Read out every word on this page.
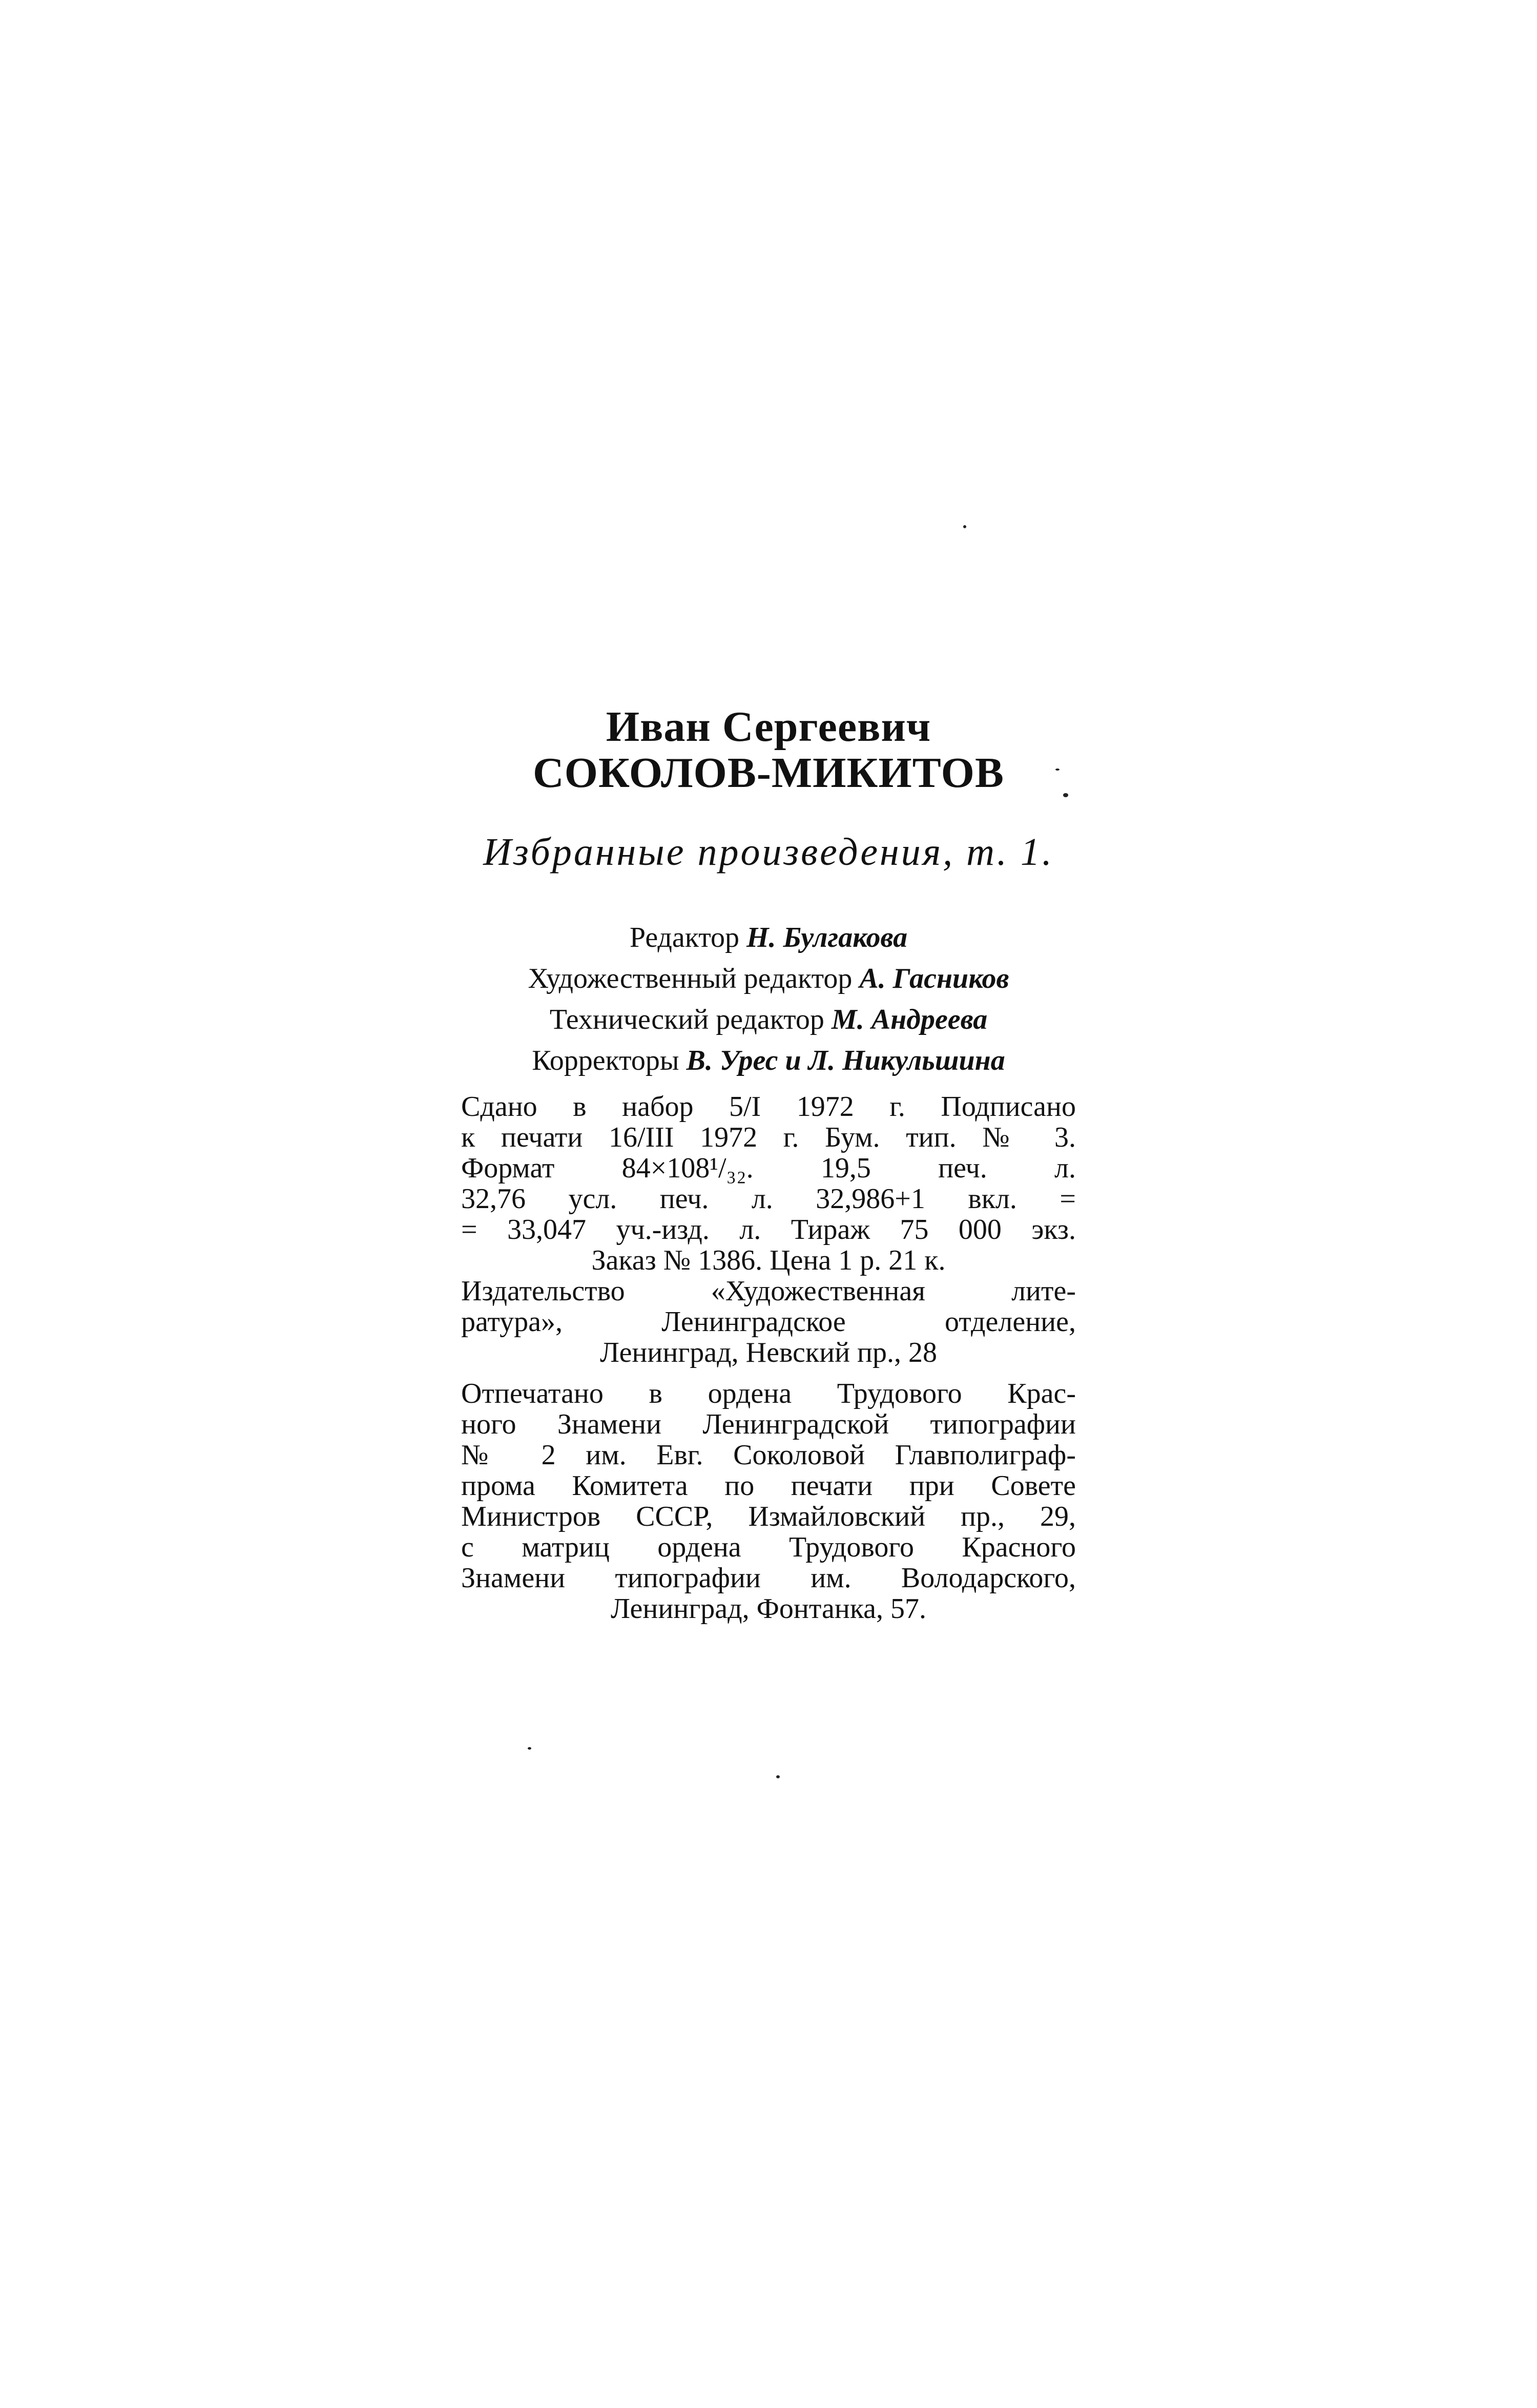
Иван Сергеевич
СОКОЛОВ-МИКИТОВ
Избранные произведения, т. 1.
Редактор Н. Булгакова
Художественный редактор А. Гасников
Технический редактор М. Андреева
Корректоры В. Урес и Л. Никульшина
Сдано в набор 5/I 1972 г. Подписано
к печати 16/III 1972 г. Бум. тип. № 3.
Формат 84×108¹/₃₂. 19,5 печ. л.
32,76 усл. печ. л. 32,986+1 вкл. =
= 33,047 уч.-изд. л. Тираж 75 000 экз.
Заказ № 1386. Цена 1 р. 21 к.
Издательство «Художественная лите-
ратура», Ленинградское отделение,
Ленинград, Невский пр., 28
Отпечатано в ордена Трудового Крас-
ного Знамени Ленинградской типографии
№ 2 им. Евг. Соколовой Главполиграф-
прома Комитета по печати при Совете
Министров СССР, Измайловский пр., 29,
с матриц ордена Трудового Красного
Знамени типографии им. Володарского,
Ленинград, Фонтанка, 57.
